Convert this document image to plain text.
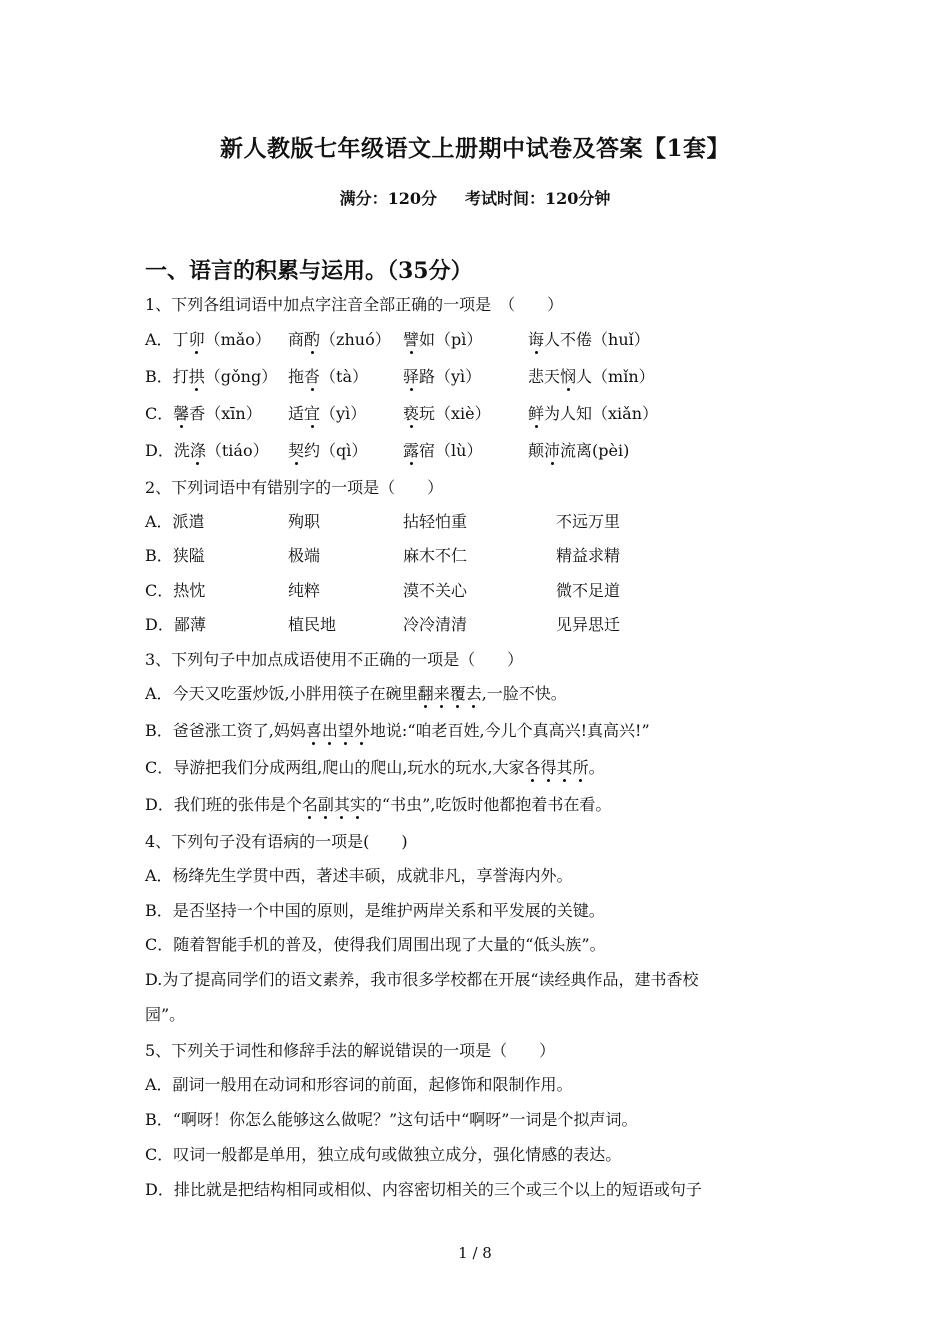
新人教版七年级语文上册期中试卷及答案【1套】
满分：120分 考试时间：120分钟
一、语言的积累与运用。（35分）
1、下列各组词语中加点字注音全部正确的一项是　（　　）
A．丁卯（mǎo） 商酌（zhuó） 譬如（pì）	诲人不倦（huǐ）
B．打拱（gǒng） 拖沓（tà） 驿路（yì）	悲天悯人（mǐn）
C．馨香（xīn） 适宜（yì） 亵玩（xiè） 鲜为人知（xiǎn）
D．洗涤（tiáo） 契约（qì） 露宿（lù）	颠沛流离(pèi)
2、下列词语中有错别字的一项是（　　）
A．派遣	殉职	拈轻怕重	不远万里
B．狭隘	极端	麻木不仁	精益求精
C．热忱	纯粹	漠不关心	微不足道
D．鄙薄	植民地	冷冷清清	见异思迁
3、下列句子中加点成语使用不正确的一项是（　　）
A．今天又吃蛋炒饭,小胖用筷子在碗里翻来覆去,一脸不快。
B．爸爸涨工资了,妈妈喜出望外地说:“咱老百姓,今儿个真高兴!真高兴!”
C．导游把我们分成两组,爬山的爬山,玩水的玩水,大家各得其所。
D．我们班的张伟是个名副其实的“书虫”,吃饭时他都抱着书在看。
4、下列句子没有语病的一项是(　　)
A．杨绛先生学贯中西，著述丰硕，成就非凡，享誉海内外。
B．是否坚持一个中国的原则，是维护两岸关系和平发展的关键。
C．随着智能手机的普及，使得我们周围出现了大量的“低头族”。
D.为了提高同学们的语文素养，我市很多学校都在开展“读经典作品，建书香校
园”。
5、下列关于词性和修辞手法的解说错误的一项是（　　）
A．副词一般用在动词和形容词的前面，起修饰和限制作用。
B．“啊呀！你怎么能够这么做呢？”这句话中“啊呀”一词是个拟声词。
C．叹词一般都是单用，独立成句或做独立成分，强化情感的表达。
D．排比就是把结构相同或相似、内容密切相关的三个或三个以上的短语或句子
1 / 8
